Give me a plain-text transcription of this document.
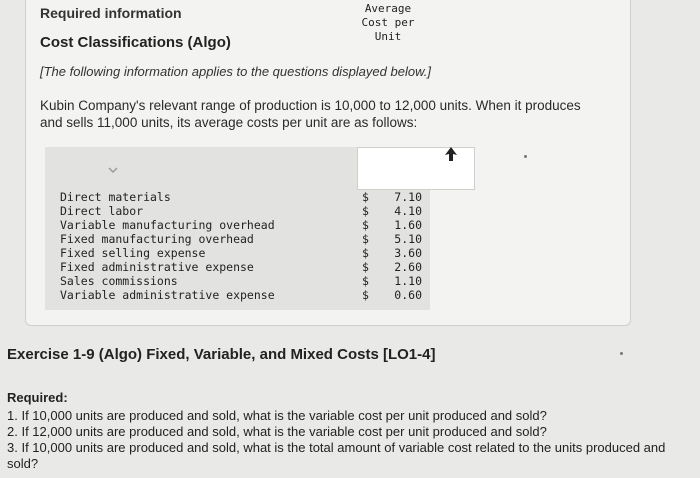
Required information
Cost Classifications (Algo)
[The following information applies to the questions displayed below.]
Kubin Company's relevant range of production is 10,000 to 12,000 units. When it produces and sells 11,000 units, its average costs per unit are as follows:
Average
Cost per
Unit
Direct materials
Direct labor
Variable manufacturing overhead
Fixed manufacturing overhead
Fixed selling expense
Fixed administrative expense
Sales commissions
Variable administrative expense
$ 7.10
$ 4.10
$ 1.60
$ 5.10
$ 3.60
$ 2.60
$ 1.10
$ 0.60
Exercise 1-9 (Algo) Fixed, Variable, and Mixed Costs [LO1-4]
Required:
1. If 10,000 units are produced and sold, what is the variable cost per unit produced and sold?
2. If 12,000 units are produced and sold, what is the variable cost per unit produced and sold?
3. If 10,000 units are produced and sold, what is the total amount of variable cost related to the units produced and sold?
